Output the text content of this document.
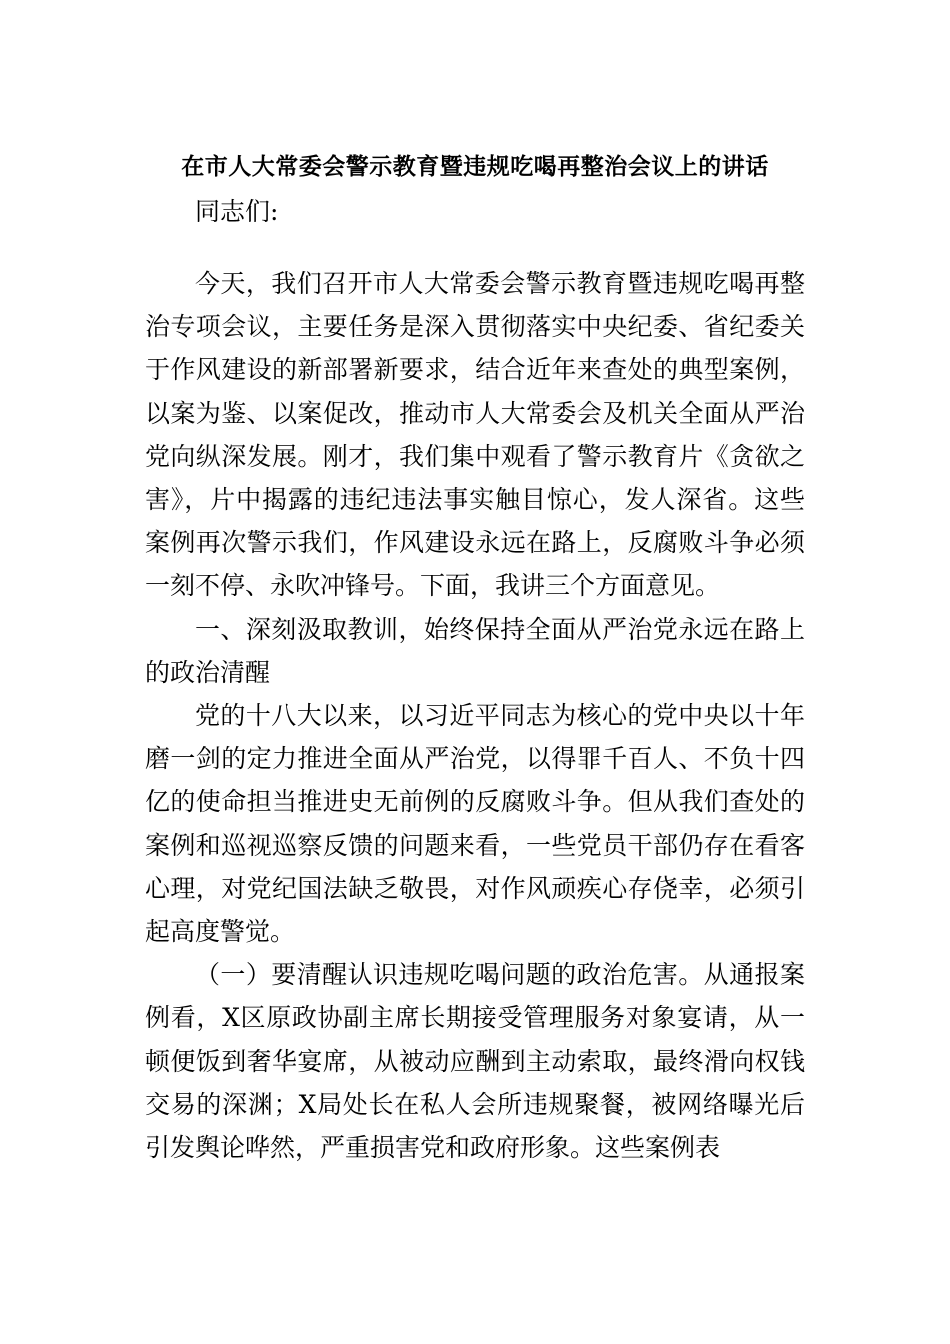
在市人大常委会警示教育暨违规吃喝再整治会议上的讲话

同志们:

今天，我们召开市人大常委会警示教育暨违规吃喝再整治专项会议，主要任务是深入贯彻落实中央纪委、省纪委关于作风建设的新部署新要求，结合近年来查处的典型案例，以案为鉴、以案促改，推动市人大常委会及机关全面从严治党向纵深发展。刚才，我们集中观看了警示教育片《贪欲之害》，片中揭露的违纪违法事实触目惊心，发人深省。这些案例再次警示我们，作风建设永远在路上，反腐败斗争必须一刻不停、永吹冲锋号。下面，我讲三个方面意见。

一、深刻汲取教训，始终保持全面从严治党永远在路上的政治清醒

党的十八大以来，以习近平同志为核心的党中央以十年磨一剑的定力推进全面从严治党，以得罪千百人、不负十四亿的使命担当推进史无前例的反腐败斗争。但从我们查处的案例和巡视巡察反馈的问题来看，一些党员干部仍存在看客心理，对党纪国法缺乏敬畏，对作风顽疾心存侥幸，必须引起高度警觉。

（一）要清醒认识违规吃喝问题的政治危害。从通报案例看，X区原政协副主席长期接受管理服务对象宴请，从一顿便饭到奢华宴席，从被动应酬到主动索取，最终滑向权钱交易的深渊；X局处长在私人会所违规聚餐，被网络曝光后引发舆论哗然，严重损害党和政府形象。这些案例表
